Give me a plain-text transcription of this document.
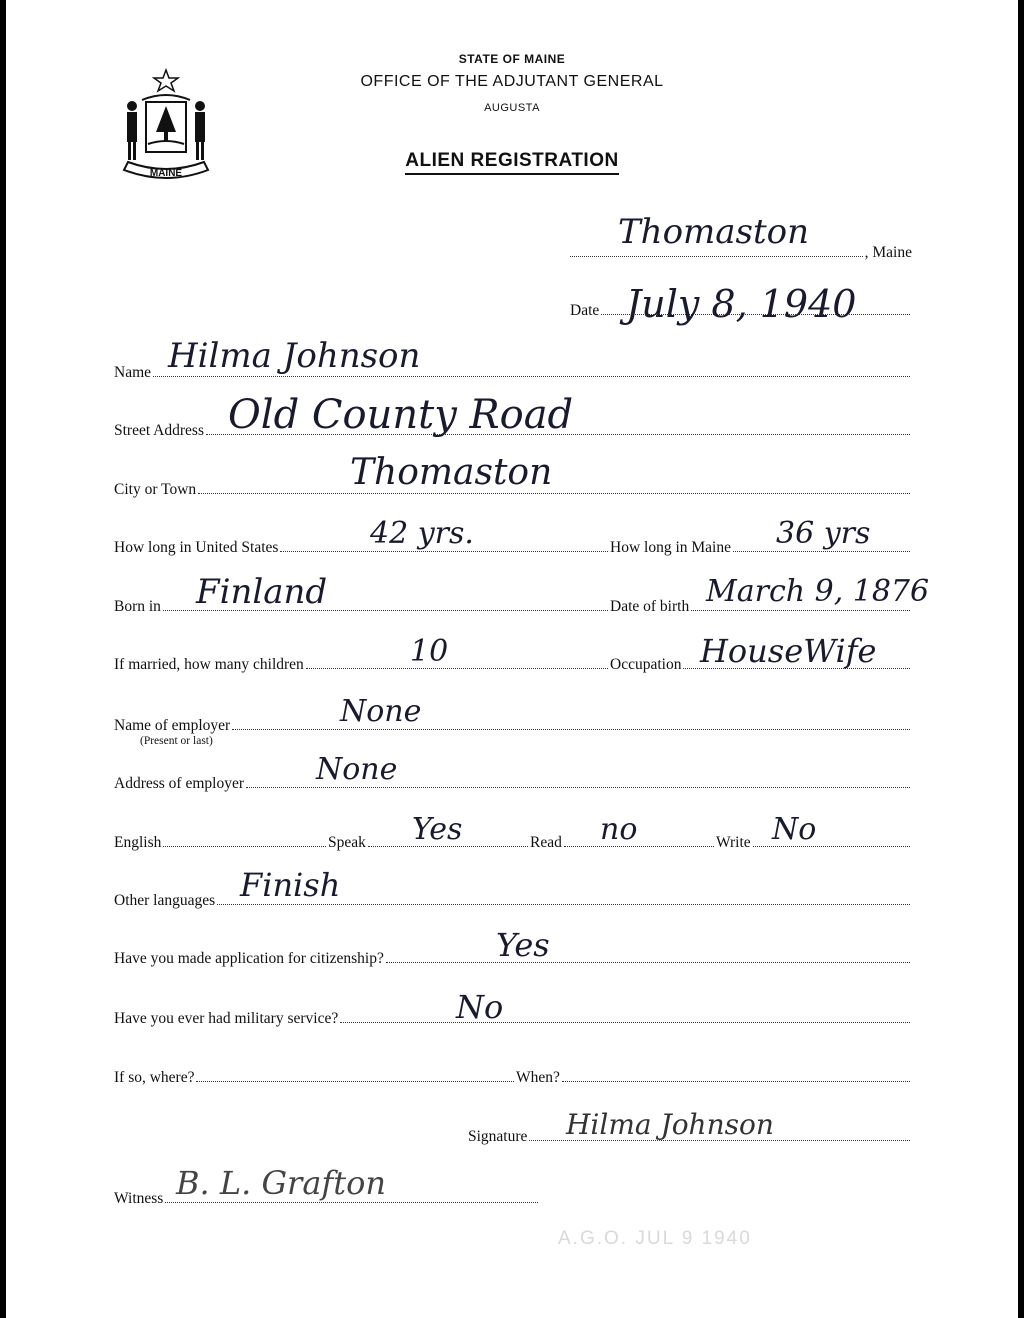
MAINE
STATE OF MAINE
OFFICE OF THE ADJUTANT GENERAL
AUGUSTA
ALIEN REGISTRATION
, Maine
Thomaston
Date July 8, 1940
Name Hilma Johnson
Street Address Old County Road
City or Town	Thomaston
How long in United States	42 yrs.	How long in Maine 36 yrs
Born in Finland	Date of birth March 9, 1876
If married, how many children	10	Occupation HouseWife
Name of employer
(Present or last)
None
Address of employer None
English	Speak Yes	Read no	Write No
Other languages Finish
Have you made application for citizenship?	Yes
Have you ever had military service?	No
If so, where?	When?
Signature Hilma Johnson
Witness B. L. Grafton
A.G.O. JUL 9 1940
